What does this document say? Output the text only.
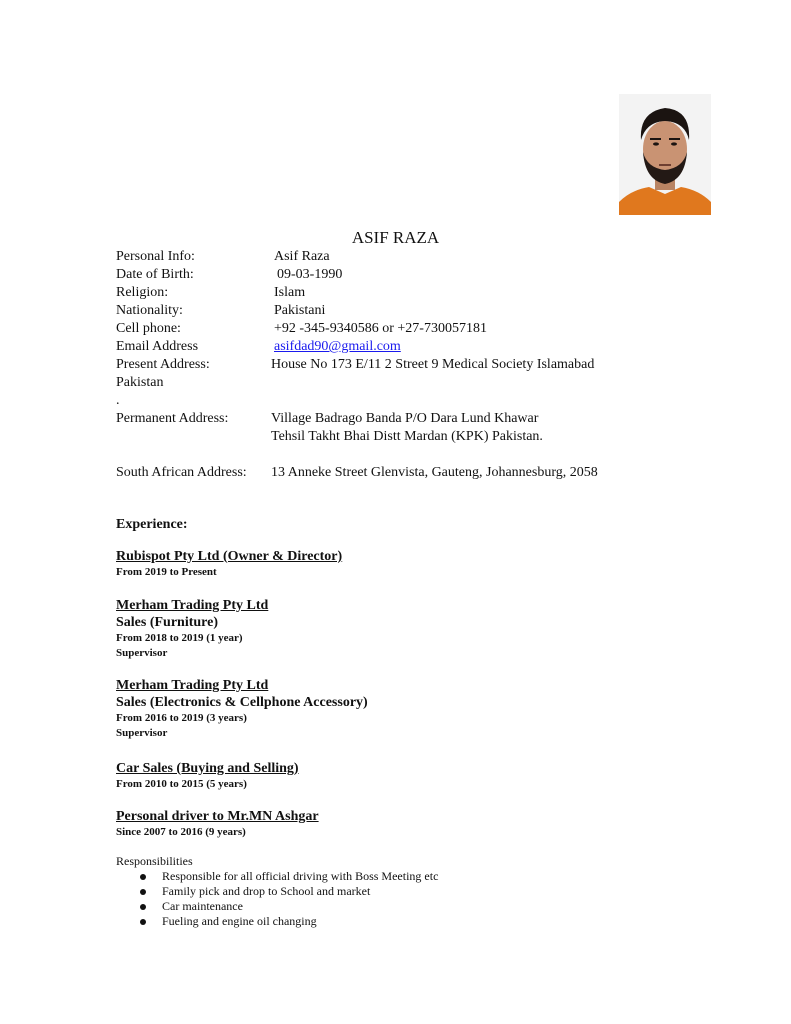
ASIF RAZA
Personal Info:	Asif Raza
Date of Birth:	09-03-1990
Religion:	Islam
Nationality:	Pakistani
Cell phone:	+92 -345-9340586 or +27-730057181
Email Address	asifdad90@gmail.com
Present Address:	House No 173 E/11 2 Street 9 Medical Society Islamabad
Pakistan
.
Permanent Address:	Village Badrago Banda P/O Dara Lund Khawar
Tehsil Takht Bhai Distt Mardan (KPK) Pakistan.
South African Address: 13 Anneke Street Glenvista, Gauteng, Johannesburg, 2058
Experience:
Rubispot Pty Ltd (Owner & Director)
From 2019 to Present
Merham Trading Pty Ltd
Sales (Furniture)
From 2018 to 2019 (1 year)
Supervisor
Merham Trading Pty Ltd
Sales (Electronics & Cellphone Accessory)
From 2016 to 2019 (3 years)
Supervisor
Car Sales (Buying and Selling)
From 2010 to 2015 (5 years)
Personal driver to Mr.MN Ashgar
Since 2007 to 2016 (9 years)
Responsibilities
Responsible for all official driving with Boss Meeting etc
Family pick and drop to School and market
Car maintenance
Fueling and engine oil changing
